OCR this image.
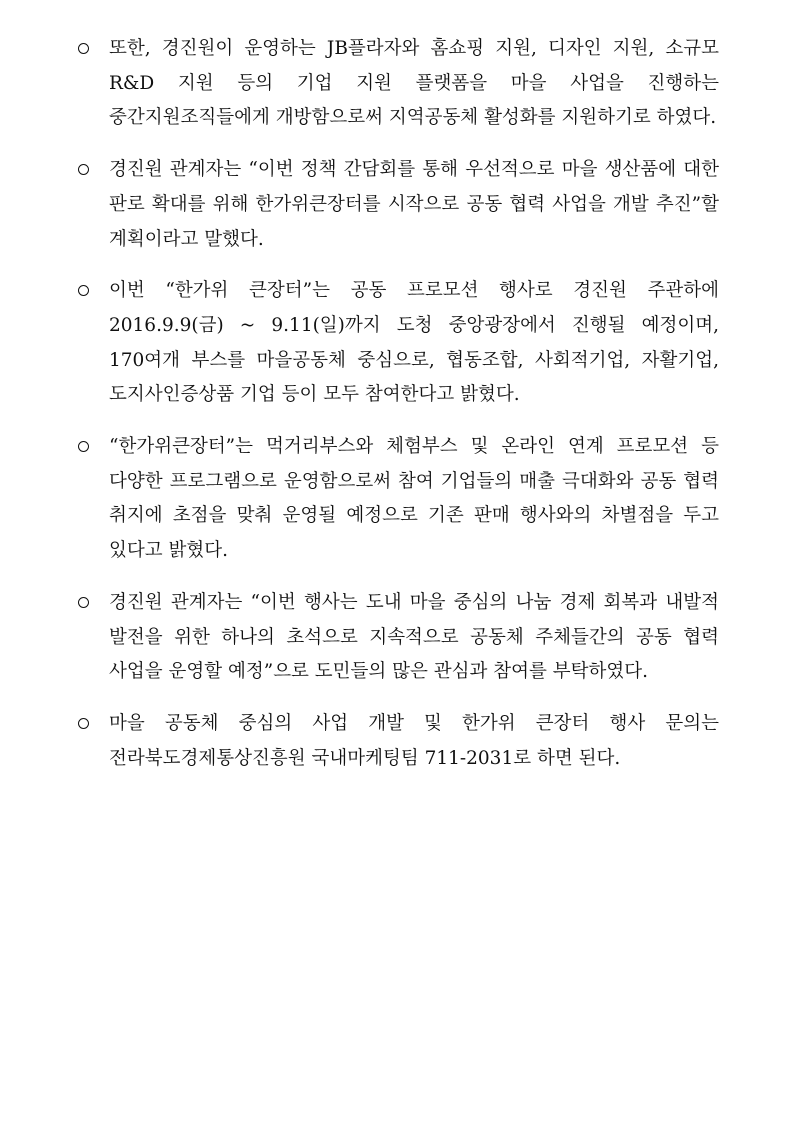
또한, 경진원이 운영하는 JB플라자와 홈쇼핑 지원, 디자인 지원, 소규모 R&D 지원 등의 기업 지원 플랫폼을 마을 사업을 진행하는 중간지원조직들에게 개방함으로써 지역공동체 활성화를 지원하기로 하였다.
경진원 관계자는 “이번 정책 간담회를 통해 우선적으로 마을 생산품에 대한 판로 확대를 위해 한가위큰장터를 시작으로 공동 협력 사업을 개발 추진”할 계획이라고 말했다.
이번 “한가위 큰장터”는 공동 프로모션 행사로 경진원 주관하에 2016.9.9(금) ~ 9.11(일)까지 도청 중앙광장에서 진행될 예정이며, 170여개 부스를 마을공동체 중심으로, 협동조합, 사회적기업, 자활기업, 도지사인증상품 기업 등이 모두 참여한다고 밝혔다.
“한가위큰장터”는 먹거리부스와 체험부스 및 온라인 연계 프로모션 등 다양한 프로그램으로 운영함으로써 참여 기업들의 매출 극대화와 공동 협력 취지에 초점을 맞춰 운영될 예정으로 기존 판매 행사와의 차별점을 두고 있다고 밝혔다.
경진원 관계자는 “이번 행사는 도내 마을 중심의 나눔 경제 회복과 내발적 발전을 위한 하나의 초석으로 지속적으로 공동체 주체들간의 공동 협력 사업을 운영할 예정”으로 도민들의 많은 관심과 참여를 부탁하였다.
마을 공동체 중심의 사업 개발 및 한가위 큰장터 행사 문의는 전라북도경제통상진흥원 국내마케팅팀 711-2031로 하면 된다.
